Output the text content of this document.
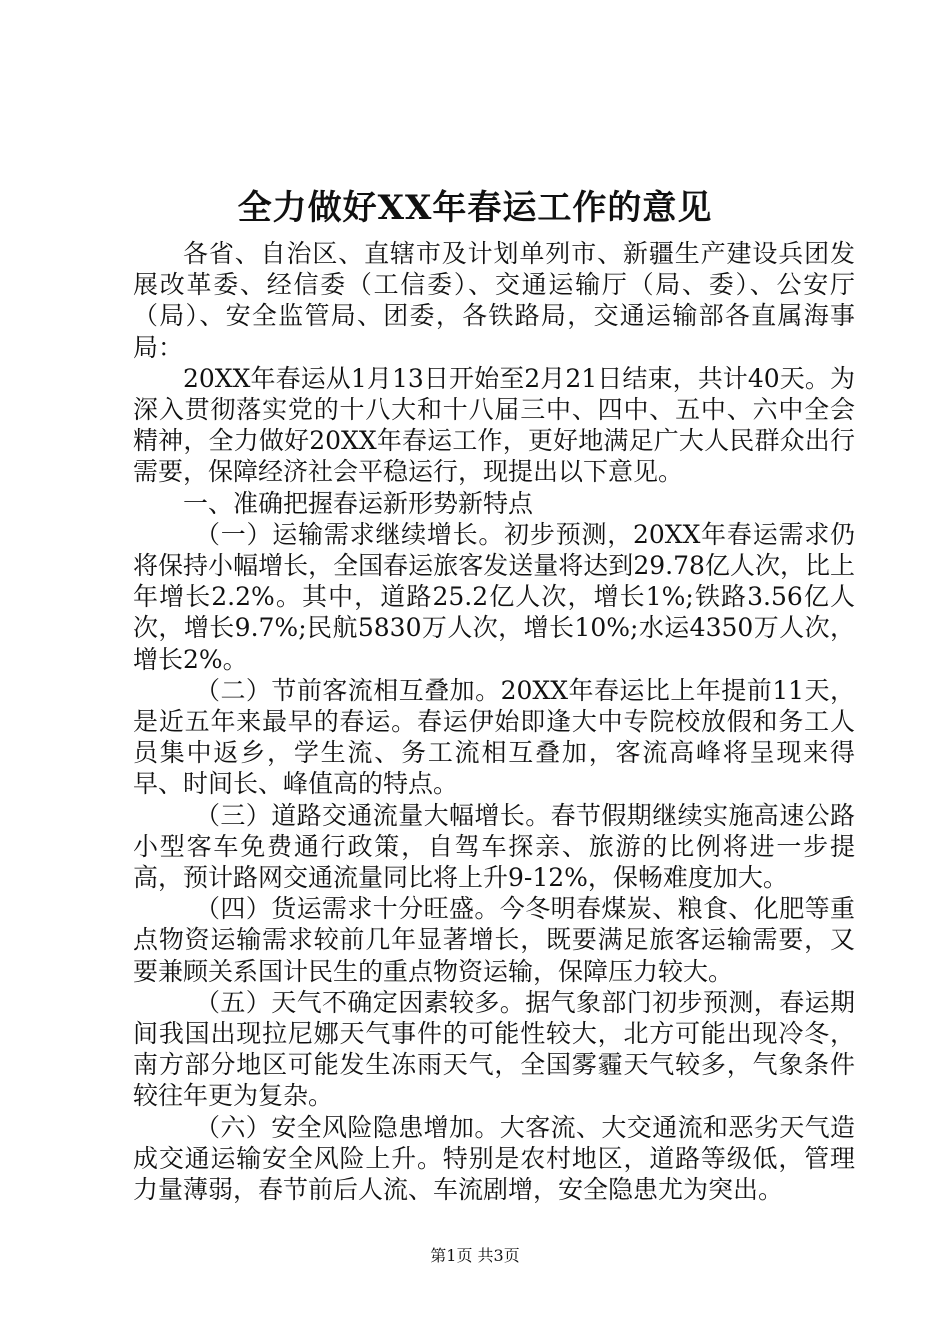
全力做好XX年春运工作的意见

各省、自治区、直辖市及计划单列市、新疆生产建设兵团发展改革委、经信委（工信委）、交通运输厅（局、委）、公安厅（局）、安全监管局、团委，各铁路局，交通运输部各直属海事局：

20XX年春运从1月13日开始至2月21日结束，共计40天。为深入贯彻落实党的十八大和十八届三中、四中、五中、六中全会精神，全力做好20XX年春运工作，更好地满足广大人民群众出行需要，保障经济社会平稳运行，现提出以下意见。

一、准确把握春运新形势新特点

（一）运输需求继续增长。初步预测，20XX年春运需求仍将保持小幅增长，全国春运旅客发送量将达到29.78亿人次，比上年增长2.2%。其中，道路25.2亿人次，增长1%;铁路3.56亿人次，增长9.7%;民航5830万人次，增长10%;水运4350万人次，增长2%。

（二）节前客流相互叠加。20XX年春运比上年提前11天，是近五年来最早的春运。春运伊始即逢大中专院校放假和务工人员集中返乡，学生流、务工流相互叠加，客流高峰将呈现来得早、时间长、峰值高的特点。

（三）道路交通流量大幅增长。春节假期继续实施高速公路小型客车免费通行政策，自驾车探亲、旅游的比例将进一步提高，预计路网交通流量同比将上升9-12%，保畅难度加大。

（四）货运需求十分旺盛。今冬明春煤炭、粮食、化肥等重点物资运输需求较前几年显著增长，既要满足旅客运输需要，又要兼顾关系国计民生的重点物资运输，保障压力较大。

（五）天气不确定因素较多。据气象部门初步预测，春运期间我国出现拉尼娜天气事件的可能性较大，北方可能出现冷冬，南方部分地区可能发生冻雨天气，全国雾霾天气较多，气象条件较往年更为复杂。

（六）安全风险隐患增加。大客流、大交通流和恶劣天气造成交通运输安全风险上升。特别是农村地区，道路等级低，管理力量薄弱，春节前后人流、车流剧增，安全隐患尤为突出。

第1页 共3页
